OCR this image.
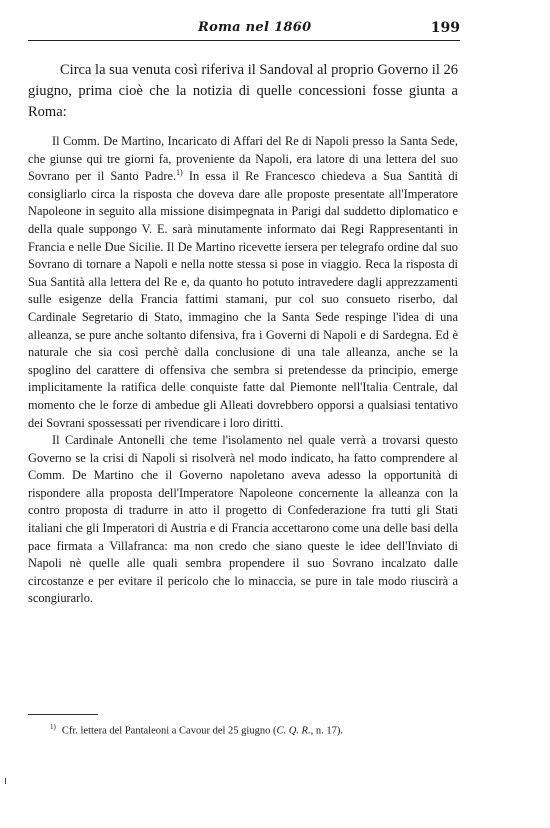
Roma nel 1860	199
Circa la sua venuta così riferiva il Sandoval al proprio Governo il 26 giugno, prima cioè che la notizia di quelle concessioni fosse giunta a Roma:

Il Comm. De Martino, Incaricato di Affari del Re di Napoli presso la Santa Sede, che giunse qui tre giorni fa, proveniente da Napoli, era latore di una lettera del suo Sovrano per il Santo Padre.$^{1)}$ In essa il Re Francesco chiedeva a Sua Santità di consigliarlo circa la risposta che doveva dare alle proposte presentate all'Imperatore Napoleone in seguito alla missione disimpegnata in Parigi dal suddetto diplomatico e della quale suppongo V. E. sarà minutamente informato dai Regi Rappresentanti in Francia e nelle Due Sicilie. Il De Martino ricevette iersera per telegrafo ordine dal suo Sovrano di tornare a Napoli e nella notte stessa si pose in viaggio. Reca la risposta di Sua Santità alla lettera del Re e, da quanto ho potuto intravedere dagli apprezzamenti sulle esigenze della Francia fattimi stamani, pur col suo consueto riserbo, dal Cardinale Segretario di Stato, immagino che la Santa Sede respinge l'idea di una alleanza, se pure anche soltanto difensiva, fra i Governi di Napoli e di Sardegna. Ed è naturale che sia così perchè dalla conclusione di una tale alleanza, anche se la spoglino del carattere di offensiva che sembra si pretendesse da principio, emerge implicitamente la ratifica delle conquiste fatte dal Piemonte nell'Italia Centrale, dal momento che le forze di ambedue gli Alleati dovrebbero opporsi a qualsiasi tentativo dei Sovrani spossessati per rivendicare i loro diritti.

Il Cardinale Antonelli che teme l'isolamento nel quale verrà a trovarsi questo Governo se la crisi di Napoli si risolverà nel modo indicato, ha fatto comprendere al Comm. De Martino che il Governo napoletano aveva adesso la opportunità di rispondere alla proposta dell'Imperatore Napoleone concernente la alleanza con la contro proposta di tradurre in atto il progetto di Confederazione fra tutti gli Stati italiani che gli Imperatori di Austria e di Francia accettarono come una delle basi della pace firmata a Villafranca: ma non credo che siano queste le idee dell'Inviato di Napoli nè quelle alle quali sembra propendere il suo Sovrano incalzato dalle circostanze e per evitare il pericolo che lo minaccia, se pure in tale modo riuscirà a scongiurarlo.

$^{1)}$ Cfr. lettera del Pantaleoni a Cavour del 25 giugno (C. Q. R., n. 17).
